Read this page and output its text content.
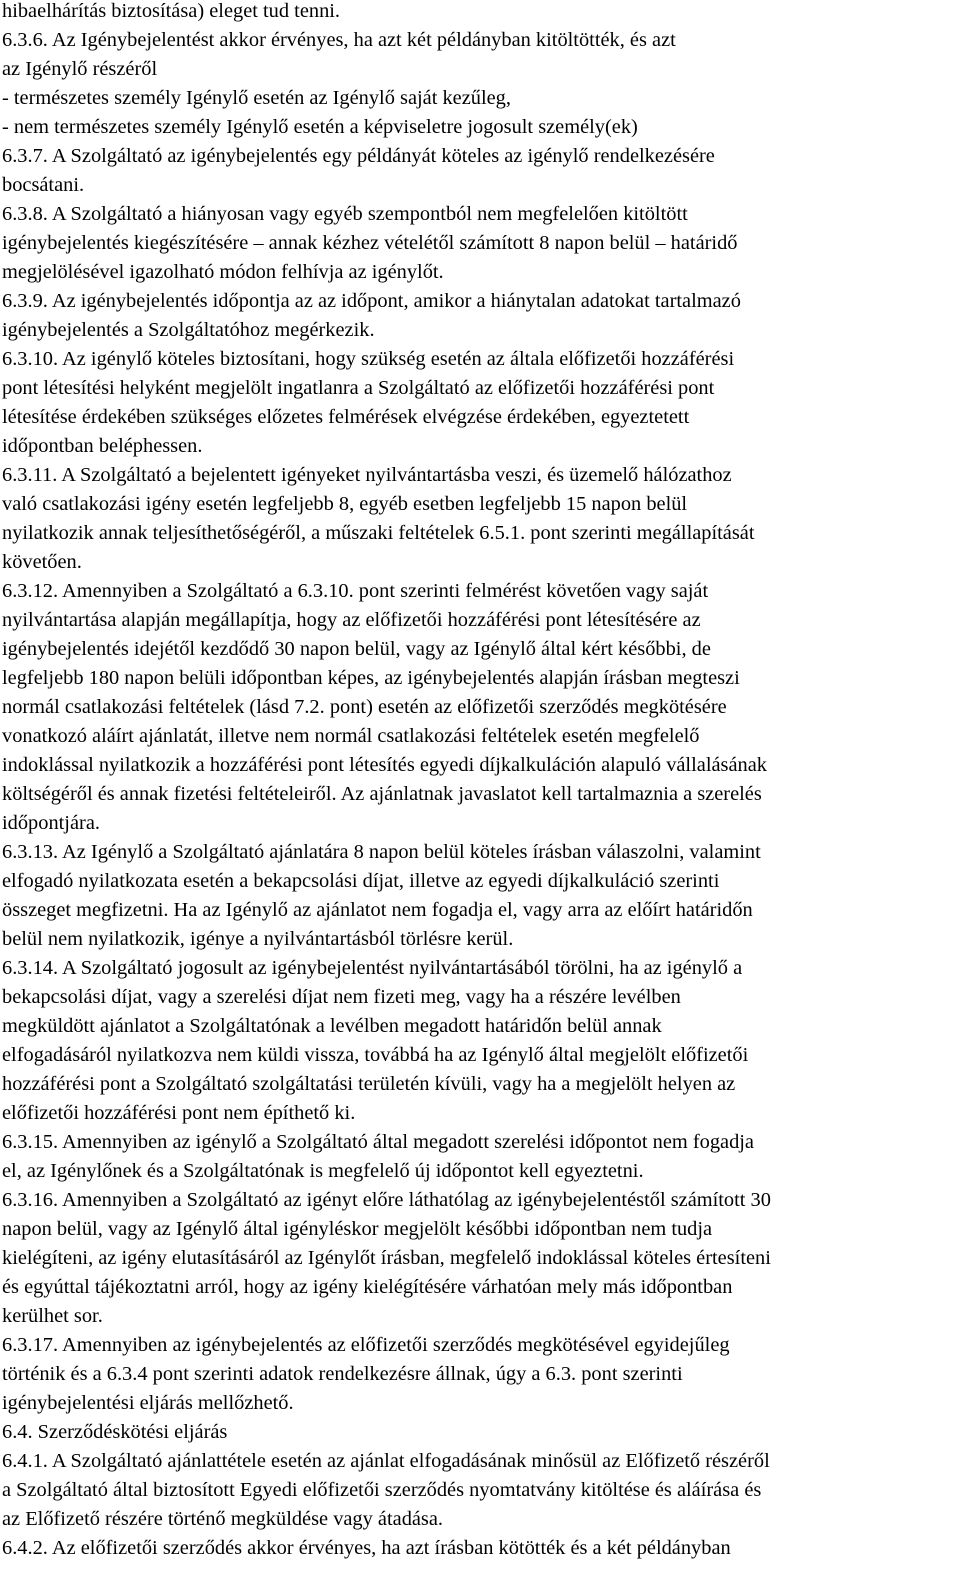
hibaelhárítás biztosítása) eleget tud tenni.

6.3.6. Az Igénybejelentést akkor érvényes, ha azt két példányban kitöltötték, és azt

az Igénylő részéről

- természetes személy Igénylő esetén az Igénylő saját kezűleg,

- nem természetes személy Igénylő esetén a képviseletre jogosult személy(ek)

6.3.7. A Szolgáltató az igénybejelentés egy példányát köteles az igénylő rendelkezésére

bocsátani.

6.3.8. A Szolgáltató a hiányosan vagy egyéb szempontból nem megfelelően kitöltött

igénybejelentés kiegészítésére – annak kézhez vételétől számított 8 napon belül – határidő

megjelölésével igazolható módon felhívja az igénylőt.

6.3.9. Az igénybejelentés időpontja az az időpont, amikor a hiánytalan adatokat tartalmazó

igénybejelentés a Szolgáltatóhoz megérkezik.

6.3.10. Az igénylő köteles biztosítani, hogy szükség esetén az általa előfizetői hozzáférési

pont létesítési helyként megjelölt ingatlanra a Szolgáltató az előfizetői hozzáférési pont

létesítése érdekében szükséges előzetes felmérések elvégzése érdekében, egyeztetett

időpontban beléphessen.

6.3.11. A Szolgáltató a bejelentett igényeket nyilvántartásba veszi, és üzemelő hálózathoz

való csatlakozási igény esetén legfeljebb 8, egyéb esetben legfeljebb 15 napon belül

nyilatkozik annak teljesíthetőségéről, a műszaki feltételek 6.5.1. pont szerinti megállapítását

követően.

6.3.12. Amennyiben a Szolgáltató a 6.3.10. pont szerinti felmérést követően vagy saját

nyilvántartása alapján megállapítja, hogy az előfizetői hozzáférési pont létesítésére az

igénybejelentés idejétől kezdődő 30 napon belül, vagy az Igénylő által kért későbbi, de

legfeljebb 180 napon belüli időpontban képes, az igénybejelentés alapján írásban megteszi

normál csatlakozási feltételek (lásd 7.2. pont) esetén az előfizetői szerződés megkötésére

vonatkozó aláírt ajánlatát, illetve nem normál csatlakozási feltételek esetén megfelelő

indoklással nyilatkozik a hozzáférési pont létesítés egyedi díjkalkuláción alapuló vállalásának

költségéről és annak fizetési feltételeiről. Az ajánlatnak javaslatot kell tartalmaznia a szerelés

időpontjára.

6.3.13. Az Igénylő a Szolgáltató ajánlatára 8 napon belül köteles írásban válaszolni, valamint

elfogadó nyilatkozata esetén a bekapcsolási díjat, illetve az egyedi díjkalkuláció szerinti

összeget megfizetni. Ha az Igénylő az ajánlatot nem fogadja el, vagy arra az előírt határidőn

belül nem nyilatkozik, igénye a nyilvántartásból törlésre kerül.

6.3.14. A Szolgáltató jogosult az igénybejelentést nyilvántartásából törölni, ha az igénylő a

bekapcsolási díjat, vagy a szerelési díjat nem fizeti meg, vagy ha a részére levélben

megküldött ajánlatot a Szolgáltatónak a levélben megadott határidőn belül annak

elfogadásáról nyilatkozva nem küldi vissza, továbbá ha az Igénylő által megjelölt előfizetői

hozzáférési pont a Szolgáltató szolgáltatási területén kívüli, vagy ha a megjelölt helyen az

előfizetői hozzáférési pont nem építhető ki.

6.3.15. Amennyiben az igénylő a Szolgáltató által megadott szerelési időpontot nem fogadja

el, az Igénylőnek és a Szolgáltatónak is megfelelő új időpontot kell egyeztetni.

6.3.16. Amennyiben a Szolgáltató az igényt előre láthatólag az igénybejelentéstől számított 30

napon belül, vagy az Igénylő által igényléskor megjelölt későbbi időpontban nem tudja

kielégíteni, az igény elutasításáról az Igénylőt írásban, megfelelő indoklással köteles értesíteni

és egyúttal tájékoztatni arról, hogy az igény kielégítésére várhatóan mely más időpontban

kerülhet sor.

6.3.17. Amennyiben az igénybejelentés az előfizetői szerződés megkötésével egyidejűleg

történik és a 6.3.4 pont szerinti adatok rendelkezésre állnak, úgy a 6.3. pont szerinti

igénybejelentési eljárás mellőzhető.

6.4. Szerződéskötési eljárás

6.4.1. A Szolgáltató ajánlattétele esetén az ajánlat elfogadásának minősül az Előfizető részéről

a Szolgáltató által biztosított Egyedi előfizetői szerződés nyomtatvány kitöltése és aláírása és

az Előfizető részére történő megküldése vagy átadása.

6.4.2. Az előfizetői szerződés akkor érvényes, ha azt írásban kötötték és a két példányban
